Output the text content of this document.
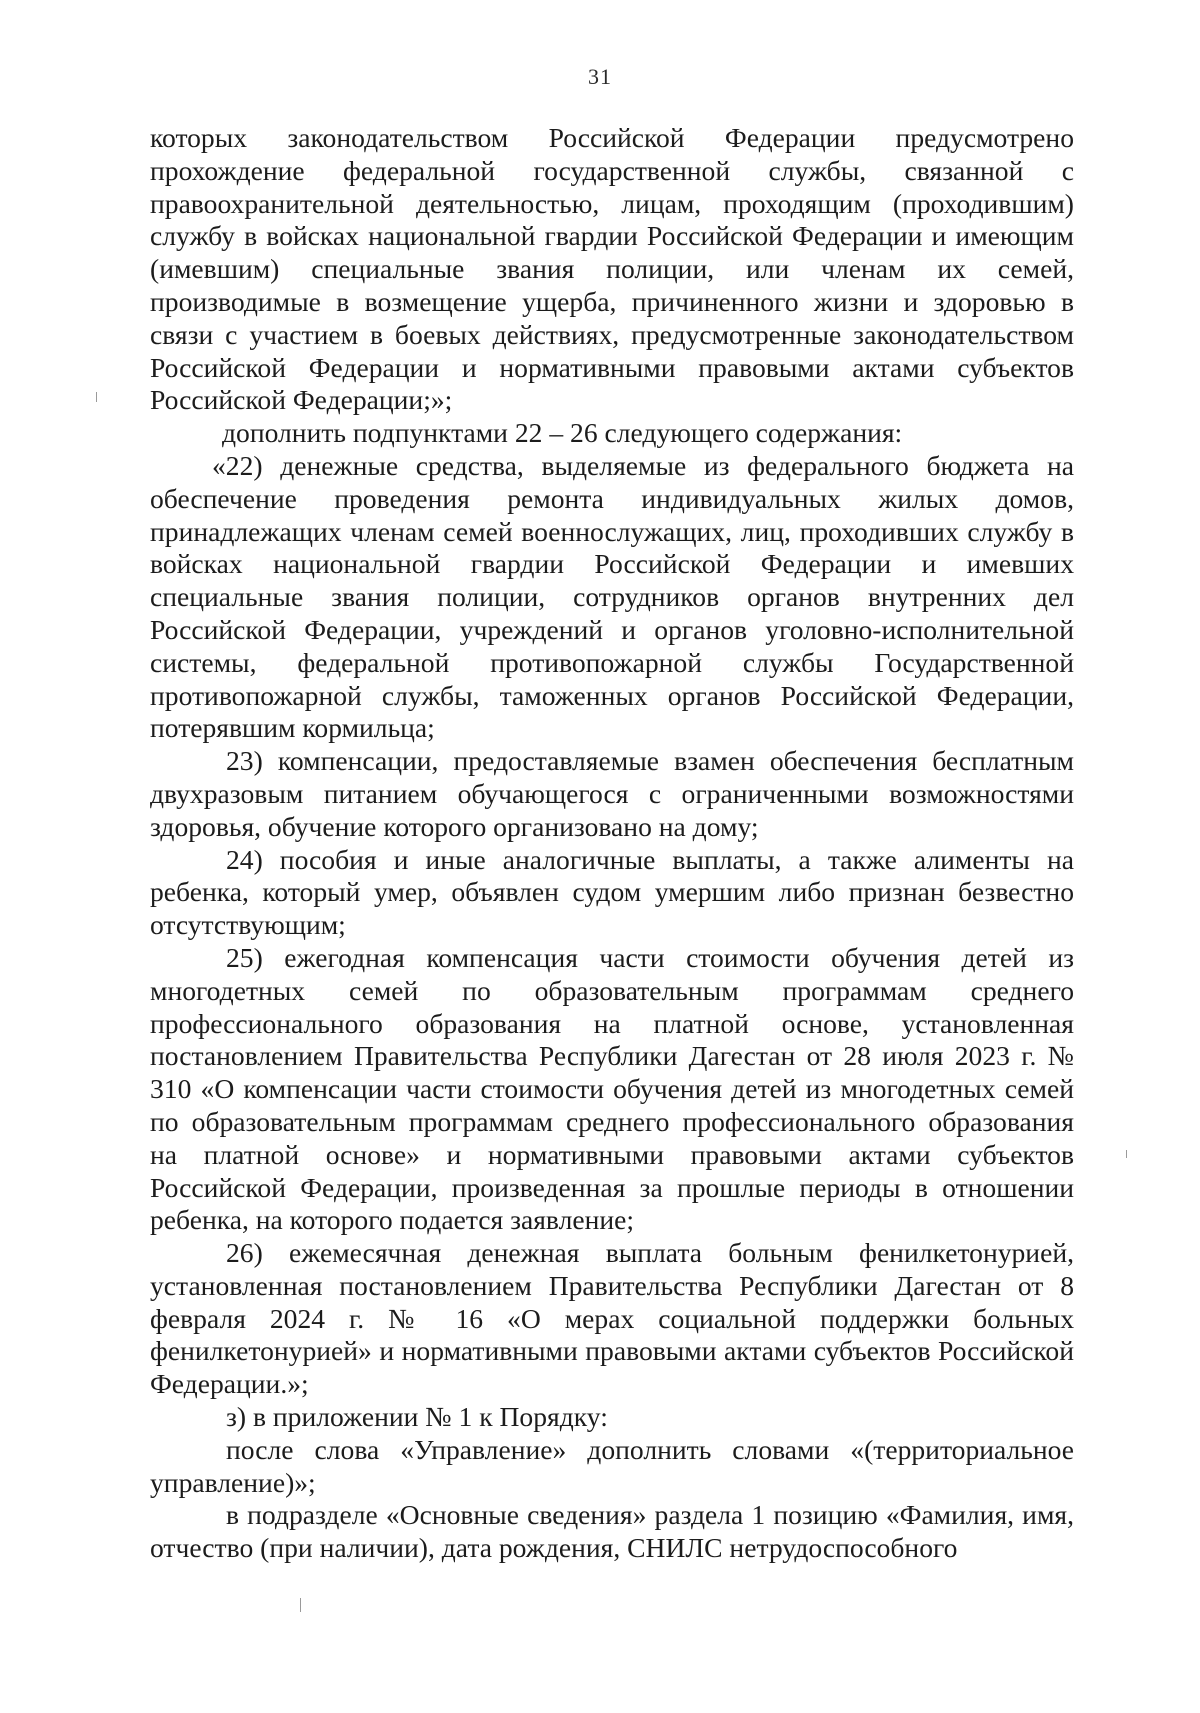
31

которых законодательством Российской Федерации предусмотрено прохождение федеральной государственной службы, связанной с правоохранительной деятельностью, лицам, проходящим (проходившим) службу в войсках национальной гвардии Российской Федерации и имеющим (имевшим) специальные звания полиции, или членам их семей, производимые в возмещение ущерба, причиненного жизни и здоровью в связи с участием в боевых действиях, предусмотренные законодательством Российской Федерации и нормативными правовыми актами субъектов Российской Федерации;»;

дополнить подпунктами 22 – 26 следующего содержания:

«22) денежные средства, выделяемые из федерального бюджета на обеспечение проведения ремонта индивидуальных жилых домов, принадлежащих членам семей военнослужащих, лиц, проходивших службу в войсках национальной гвардии Российской Федерации и имевших специальные звания полиции, сотрудников органов внутренних дел Российской Федерации, учреждений и органов уголовно-исполнительной системы, федеральной противопожарной службы Государственной противопожарной службы, таможенных органов Российской Федерации, потерявшим кормильца;

23) компенсации, предоставляемые взамен обеспечения бесплатным двухразовым питанием обучающегося с ограниченными возможностями здоровья, обучение которого организовано на дому;

24) пособия и иные аналогичные выплаты, а также алименты на ребенка, который умер, объявлен судом умершим либо признан безвестно отсутствующим;

25) ежегодная компенсация части стоимости обучения детей из многодетных семей по образовательным программам среднего профессионального образования на платной основе, установленная постановлением Правительства Республики Дагестан от 28 июля 2023 г. № 310 «О компенсации части стоимости обучения детей из многодетных семей по образовательным программам среднего профессионального образования на платной основе» и нормативными правовыми актами субъектов Российской Федерации, произведенная за прошлые периоды в отношении ребенка, на которого подается заявление;

26) ежемесячная денежная выплата больным фенилкетонурией, установленная постановлением Правительства Республики Дагестан от 8 февраля 2024 г. № 16 «О мерах социальной поддержки больных фенилкетонурией» и нормативными правовыми актами субъектов Российской Федерации.»;

з) в приложении № 1 к Порядку:

после слова «Управление» дополнить словами «(территориальное управление)»;

в подразделе «Основные сведения» раздела 1 позицию «Фамилия, имя, отчество (при наличии), дата рождения, СНИЛС нетрудоспособного
